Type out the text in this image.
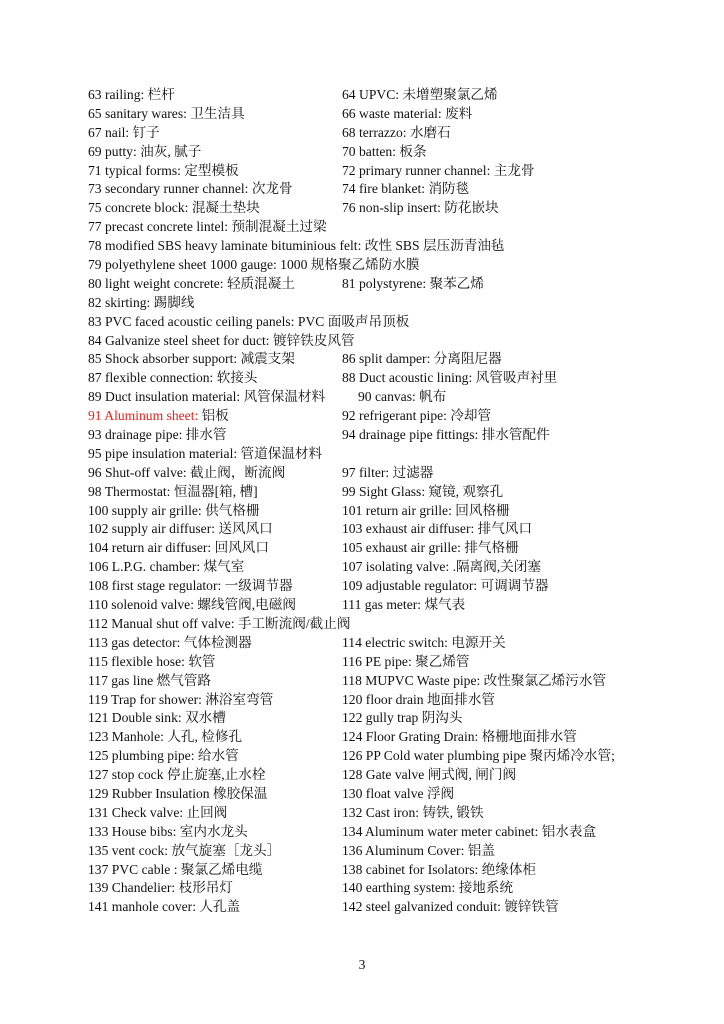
63 railing: 栏杆	64 UPVC: 未增塑聚氯乙烯
65 sanitary wares: 卫生洁具	66 waste material: 废料
67 nail: 钉子	68 terrazzo: 水磨石
69 putty: 油灰, 腻子	70 batten: 板条
71 typical forms: 定型模板	72 primary runner channel: 主龙骨
73 secondary runner channel: 次龙骨	74 fire blanket: 消防毯
75 concrete block: 混凝土垫块	76 non-slip insert: 防花嵌块
77 precast concrete lintel: 预制混凝土过梁
78 modified SBS heavy laminate bituminious felt: 改性 SBS 层压沥青油毡
79 polyethylene sheet 1000 gauge: 1000 规格聚乙烯防水膜
80 light weight concrete: 轻质混凝土	81 polystyrene: 聚苯乙烯
82 skirting: 踢脚线
83 PVC faced acoustic ceiling panels: PVC 面吸声吊顶板
84 Galvanize steel sheet for duct: 镀锌铁皮风管
85 Shock absorber support: 减震支架	86 split damper: 分离阻尼器
87 flexible connection: 软接头	88 Duct acoustic lining: 风管吸声衬里
89 Duct insulation material: 风管保温材料 90 canvas: 帆布
91 Aluminum sheet: 铝板	92 refrigerant pipe: 冷却管
93 drainage pipe: 排水管	94 drainage pipe fittings: 排水管配件
95 pipe insulation material: 管道保温材料
96 Shut-off valve: 截止阀，断流阀	97 filter: 过滤器
98 Thermostat: 恒温器[箱, 槽]	99 Sight Glass: 窥镜, 观察孔
100 supply air grille: 供气格栅	101 return air grille: 回风格栅
102 supply air diffuser: 送风风口	103 exhaust air diffuser: 排气风口
104 return air diffuser: 回风风口	105 exhaust air grille: 排气格栅
106 L.P.G. chamber: 煤气室	107 isolating valve: .隔离阀,关闭塞
108 first stage regulator: 一级调节器	109 adjustable regulator: 可调调节器
110 solenoid valve: 螺线管阀,电磁阀	111 gas meter: 煤气表
112 Manual shut off valve: 手工断流阀/截止阀
113 gas detector: 气体检测器	114 electric switch: 电源开关
115 flexible hose: 软管	116 PE pipe: 聚乙烯管
117 gas line 燃气管路	118 MUPVC Waste pipe: 改性聚氯乙烯污水管
119 Trap for shower: 淋浴室弯管	120 floor drain 地面排水管
121 Double sink: 双水槽	122 gully trap 阴沟头
123 Manhole: 人孔, 检修孔	124 Floor Grating Drain: 格栅地面排水管
125 plumbing pipe: 给水管	126 PP Cold water plumbing pipe 聚丙烯冷水管;
127 stop cock 停止旋塞,止水栓	128 Gate valve 闸式阀, 闸门阀
129 Rubber Insulation 橡胶保温	130 float valve 浮阀
131 Check valve: 止回阀	132 Cast iron: 铸铁, 锻铁
133 House bibs: 室内水龙头	134 Aluminum water meter cabinet: 铝水表盒
135 vent cock: 放气旋塞［龙头］	136 Aluminum Cover: 铝盖
137 PVC cable : 聚氯乙烯电缆	138 cabinet for Isolators: 绝缘体柜
139 Chandelier: 枝形吊灯	140 earthing system: 接地系统
141 manhole cover: 人孔盖	142 steel galvanized conduit: 镀锌铁管
3
